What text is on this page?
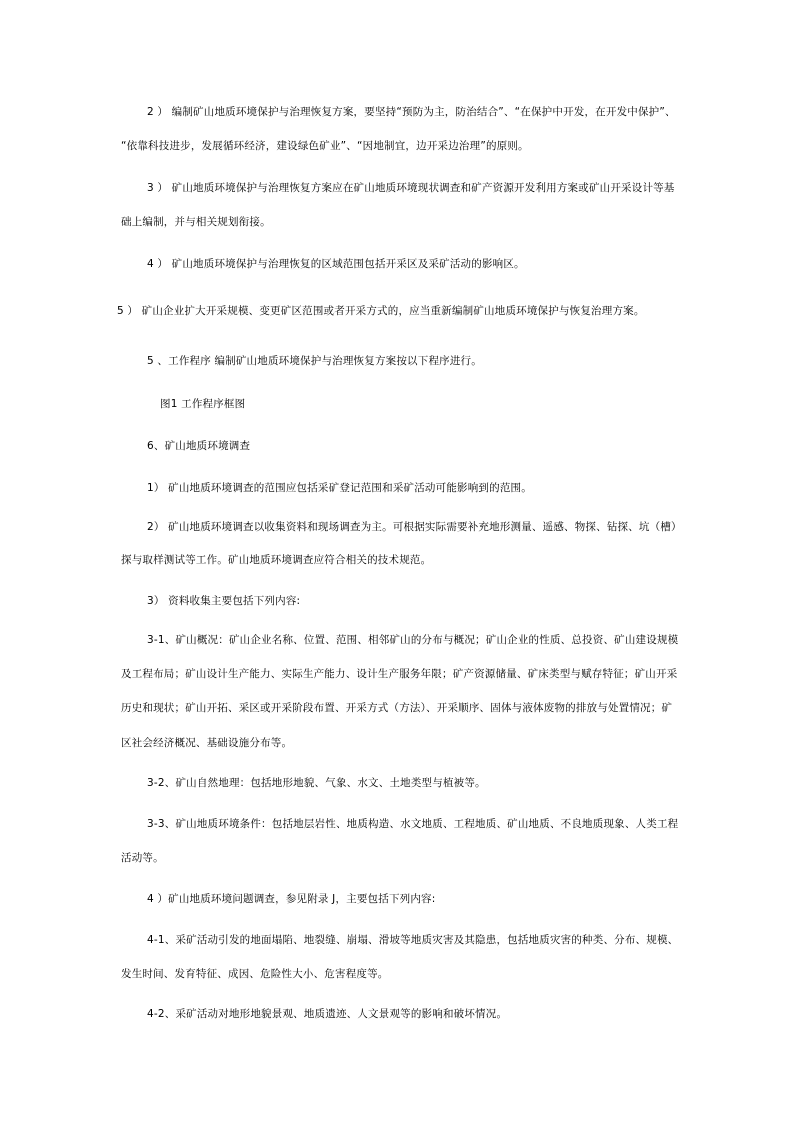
2 ） 编制矿山地质环境保护与治理恢复方案，要坚持“预防为主，防治结合”、“在保护中开发，在开发中保护”、
“依靠科技进步，发展循环经济，建设绿色矿业”、“因地制宜，边开采边治理”的原则。
3 ） 矿山地质环境保护与治理恢复方案应在矿山地质环境现状调查和矿产资源开发利用方案或矿山开采设计等基
础上编制，并与相关规划衔接。
4 ） 矿山地质环境保护与治理恢复的区域范围包括开采区及采矿活动的影响区。
5 ） 矿山企业扩大开采规模、变更矿区范围或者开采方式的，应当重新编制矿山地质环境保护与恢复治理方案。
5 、工作程序 编制矿山地质环境保护与治理恢复方案按以下程序进行。
图1 工作程序框图
6、矿山地质环境调查
1） 矿山地质环境调查的范围应包括采矿登记范围和采矿活动可能影响到的范围。
2） 矿山地质环境调查以收集资料和现场调查为主。可根据实际需要补充地形测量、遥感、物探、钻探、坑（槽）
探与取样测试等工作。矿山地质环境调查应符合相关的技术规范。
3） 资料收集主要包括下列内容:
3-1、矿山概况：矿山企业名称、位置、范围、相邻矿山的分布与概况；矿山企业的性质、总投资、矿山建设规模
及工程布局；矿山设计生产能力、实际生产能力、设计生产服务年限；矿产资源储量、矿床类型与赋存特征；矿山开采
历史和现状；矿山开拓、采区或开采阶段布置、开采方式（方法）、开采顺序、固体与液体废物的排放与处置情况；矿
区社会经济概况、基础设施分布等。
3-2、矿山自然地理：包括地形地貌、气象、水文、土地类型与植被等。
3-3、矿山地质环境条件：包括地层岩性、地质构造、水文地质、工程地质、矿山地质、不良地质现象、人类工程
活动等。
4 ）矿山地质环境问题调查，参见附录 J，主要包括下列内容:
4-1、采矿活动引发的地面塌陷、地裂缝、崩塌、滑坡等地质灾害及其隐患，包括地质灾害的种类、分布、规模、
发生时间、发育特征、成因、危险性大小、危害程度等。
4-2、采矿活动对地形地貌景观、地质遗迹、人文景观等的影响和破坏情况。
